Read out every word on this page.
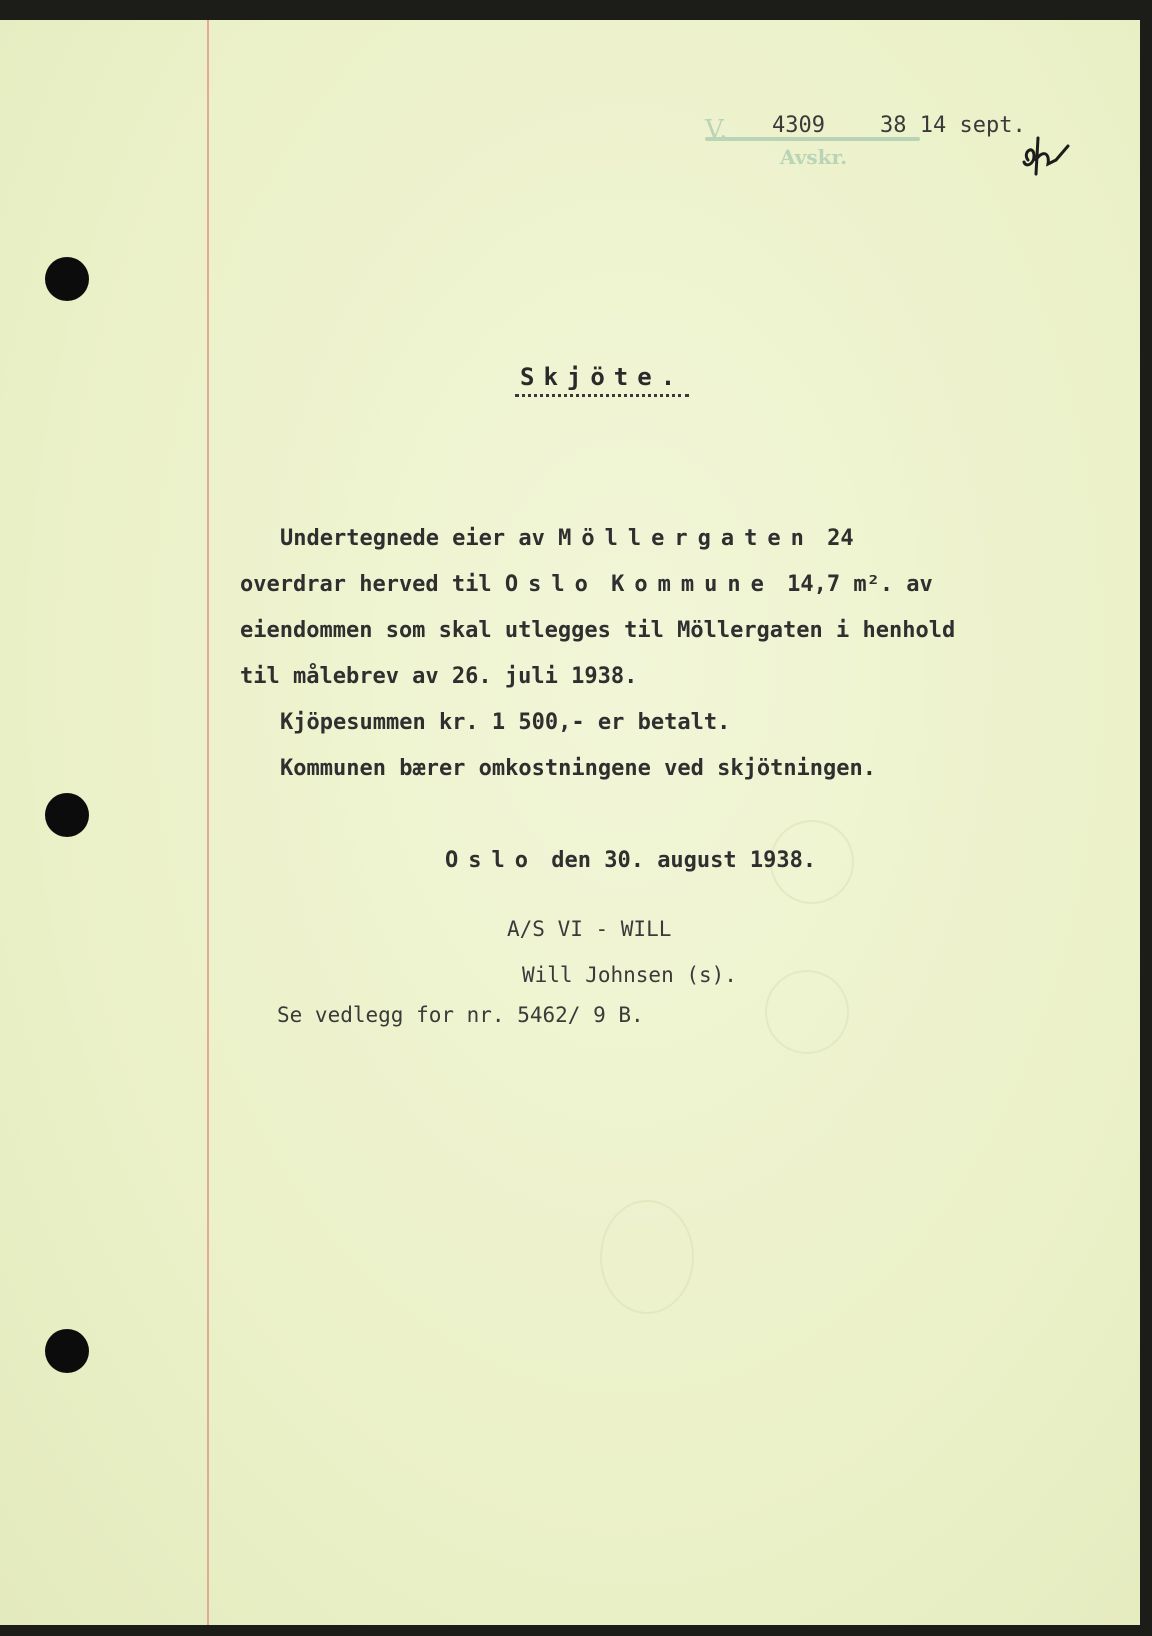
V.
Avskr.
4309	38 14 sept.
Skjöte.
Undertegnede eier av Möllergaten 24
overdrar herved til Oslo Kommune 14,7 m². av
eiendommen som skal utlegges til Möllergaten i henhold
til målebrev av 26. juli 1938.
Kjöpesummen kr. 1 500,- er betalt.
Kommunen bærer omkostningene ved skjötningen.
Oslo den 30. august 1938.
A/S VI - WILL
Will Johnsen (s).
Se vedlegg for nr. 5462/ 9 B.
